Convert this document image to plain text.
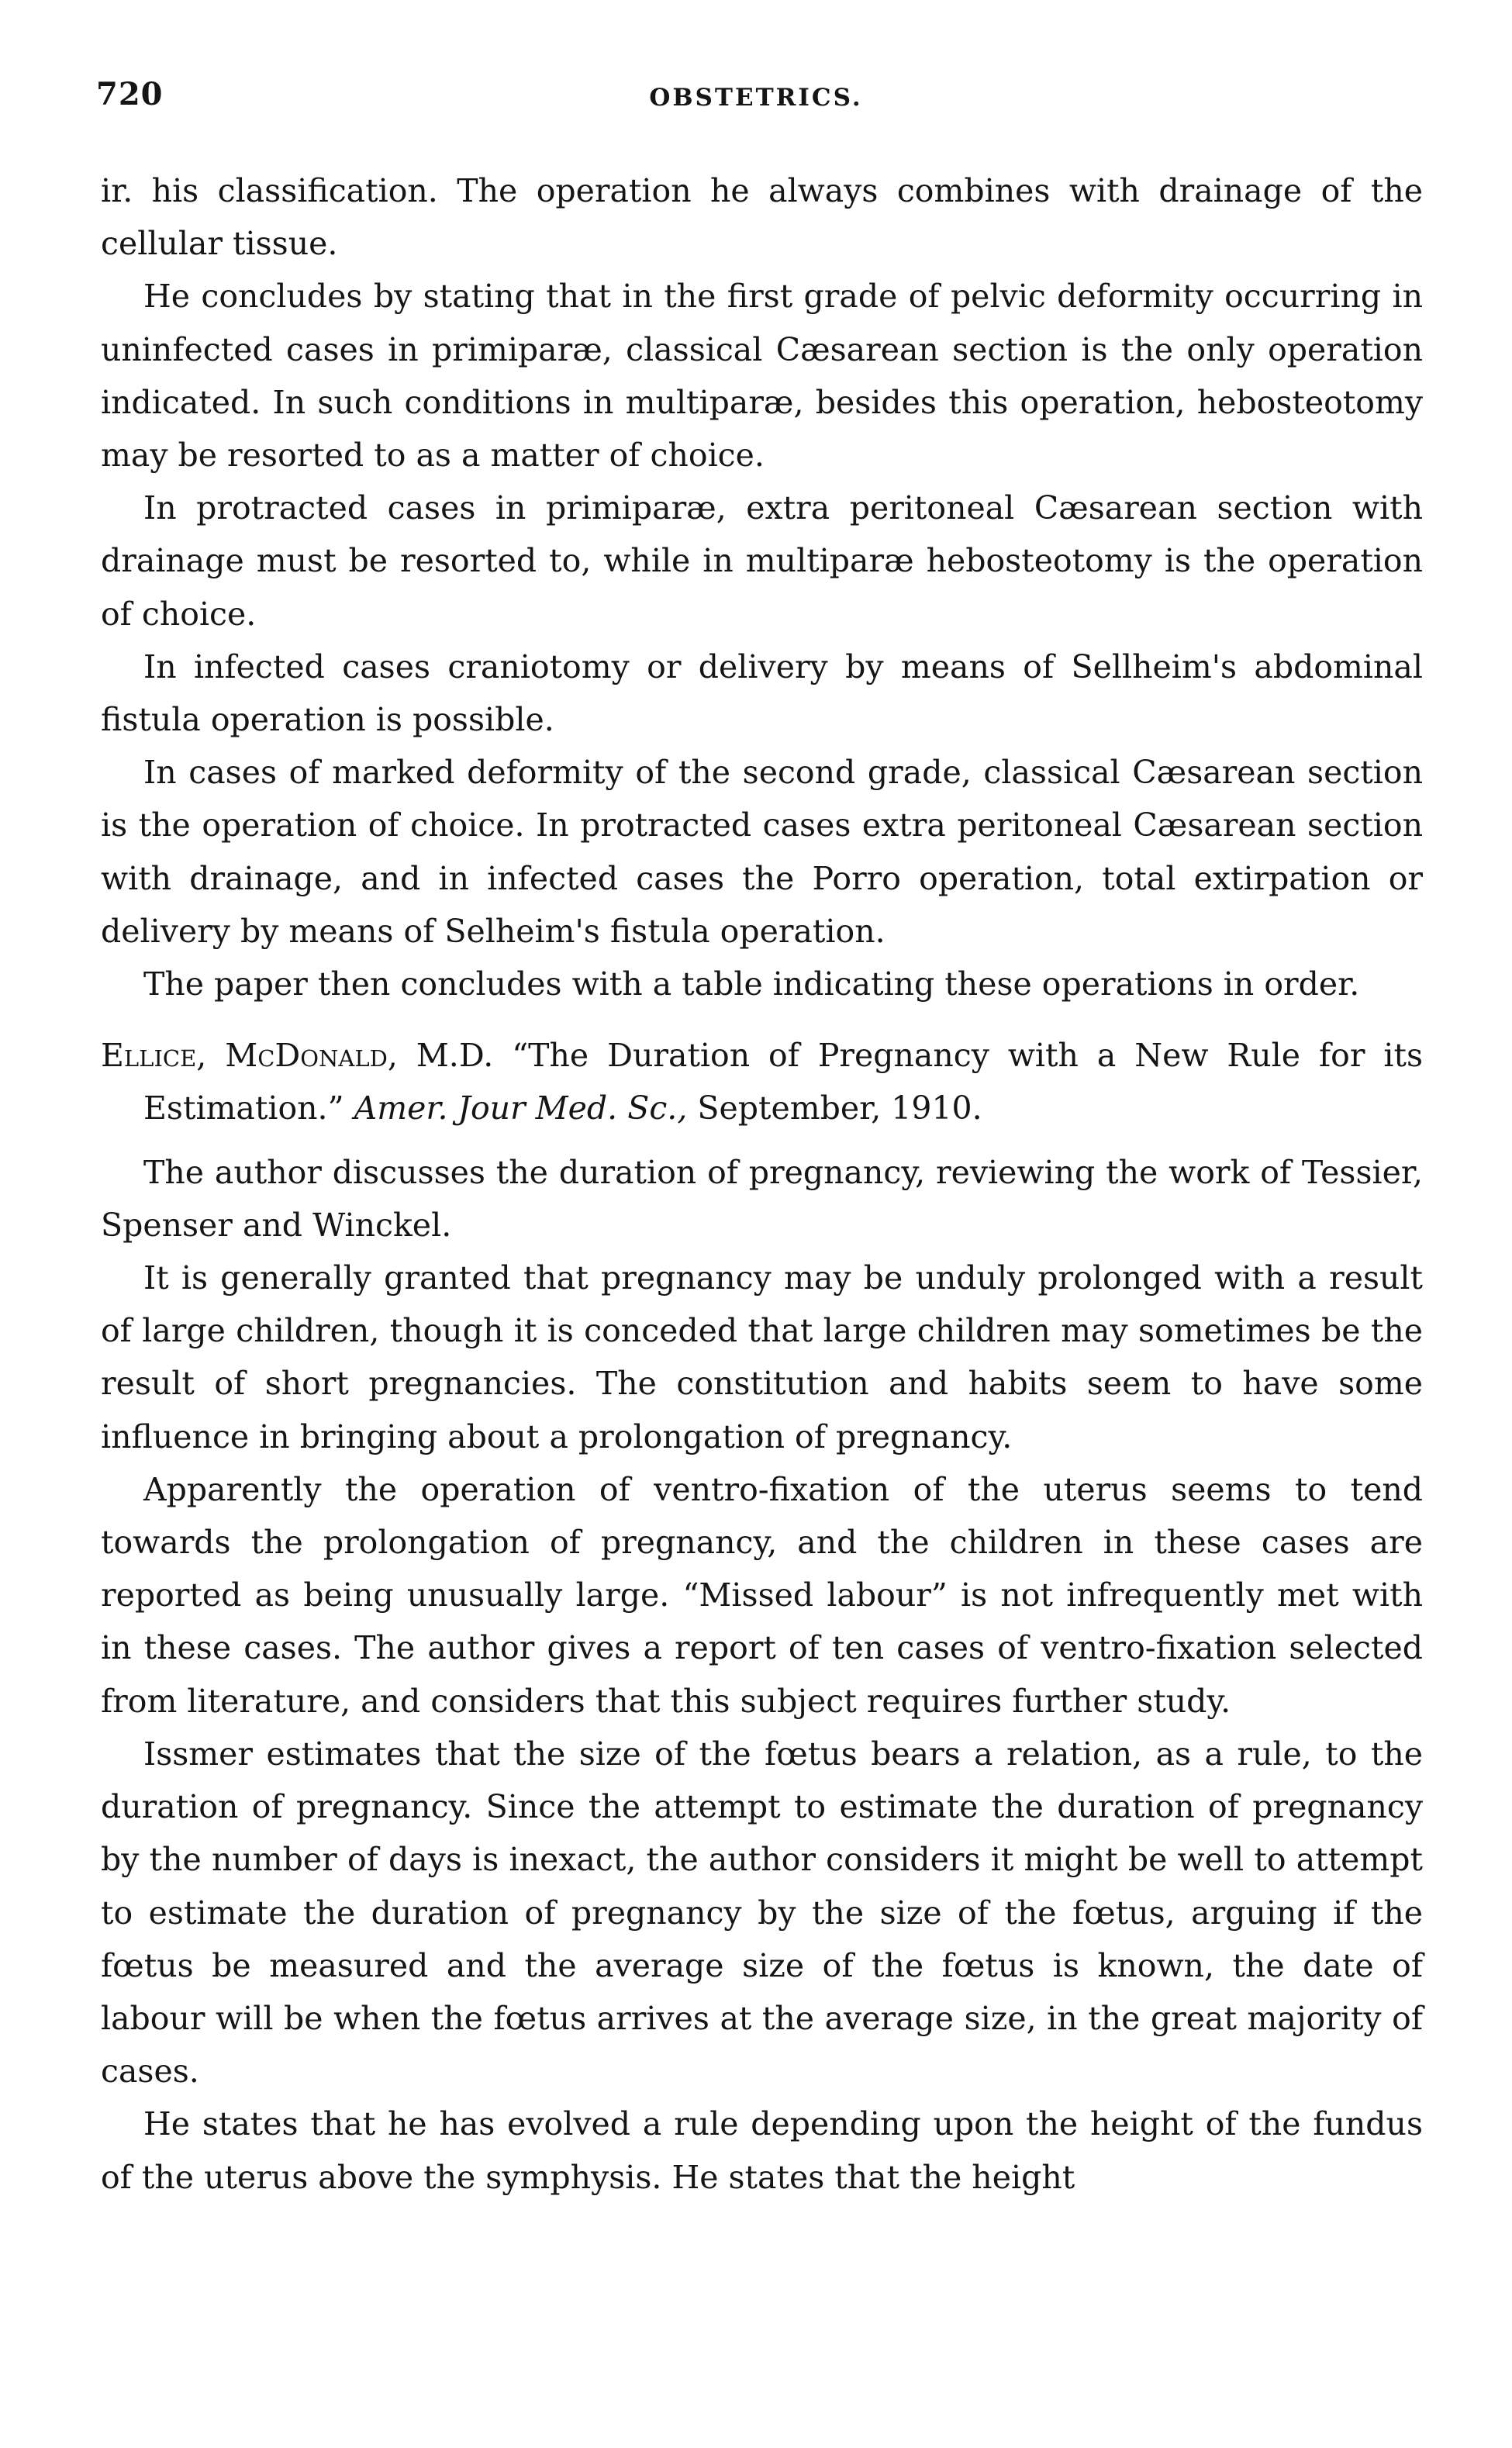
720	OBSTETRICS.

ir. his classification. The operation he always combines with drainage of the cellular tissue.

He concludes by stating that in the first grade of pelvic deformity occurring in uninfected cases in primiparæ, classical Cæsarean section is the only operation indicated. In such conditions in multiparæ, besides this operation, hebosteotomy may be resorted to as a matter of choice.

In protracted cases in primiparæ, extra peritoneal Cæsarean section with drainage must be resorted to, while in multiparæ hebosteotomy is the operation of choice.

In infected cases craniotomy or delivery by means of Sellheim's abdominal fistula operation is possible.

In cases of marked deformity of the second grade, classical Cæsarean section is the operation of choice. In protracted cases extra peritoneal Cæsarean section with drainage, and in infected cases the Porro operation, total extirpation or delivery by means of Selheim's fistula operation.

The paper then concludes with a table indicating these operations in order.

Ellice, McDonald, M.D. “The Duration of Pregnancy with a New Rule for its Estimation.” Amer. Jour Med. Sc., September, 1910.

The author discusses the duration of pregnancy, reviewing the work of Tessier, Spenser and Winckel.

It is generally granted that pregnancy may be unduly prolonged with a result of large children, though it is conceded that large children may sometimes be the result of short pregnancies. The constitution and habits seem to have some influence in bringing about a prolongation of pregnancy.

Apparently the operation of ventro-fixation of the uterus seems to tend towards the prolongation of pregnancy, and the children in these cases are reported as being unusually large. “Missed labour” is not infrequently met with in these cases. The author gives a report of ten cases of ventro-fixation selected from literature, and considers that this subject requires further study.

Issmer estimates that the size of the fœtus bears a relation, as a rule, to the duration of pregnancy. Since the attempt to estimate the duration of pregnancy by the number of days is inexact, the author considers it might be well to attempt to estimate the duration of pregnancy by the size of the fœtus, arguing if the fœtus be measured and the average size of the fœtus is known, the date of labour will be when the fœtus arrives at the average size, in the great majority of cases.

He states that he has evolved a rule depending upon the height of the fundus of the uterus above the symphysis. He states that the height
